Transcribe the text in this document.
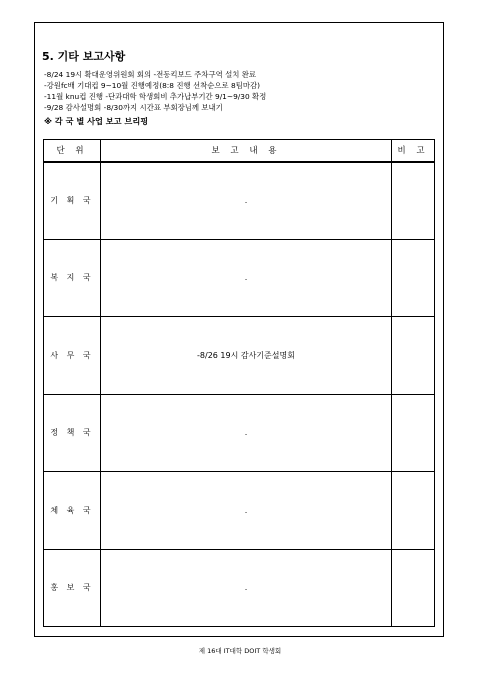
5. 기타 보고사항
-8/24 19시 확대운영위원회 회의 -전동킥보드 주차구역 설치 완료
-강원fc배 기대컵 9~10월 진행예정(8:8 진행 선착순으로 8팀마감)
-11월 knu컵 진행 -단과대학 학생회비 추가납부기간 9/1~9/30 확정
-9/28 감사설명회 -8/30까지 시간표 부회장님께 보내기
※ 각 국 별 사업 보고 브리핑
단 위	보 고 내 용	비 고
기 획 국	.	
복 지 국	.	
사 무 국	-8/26 19시 감사기준설명회	
정 책 국	.	
체 육 국	.	
홍 보 국	.	
제 16대 IT대학 DOIT 학생회
